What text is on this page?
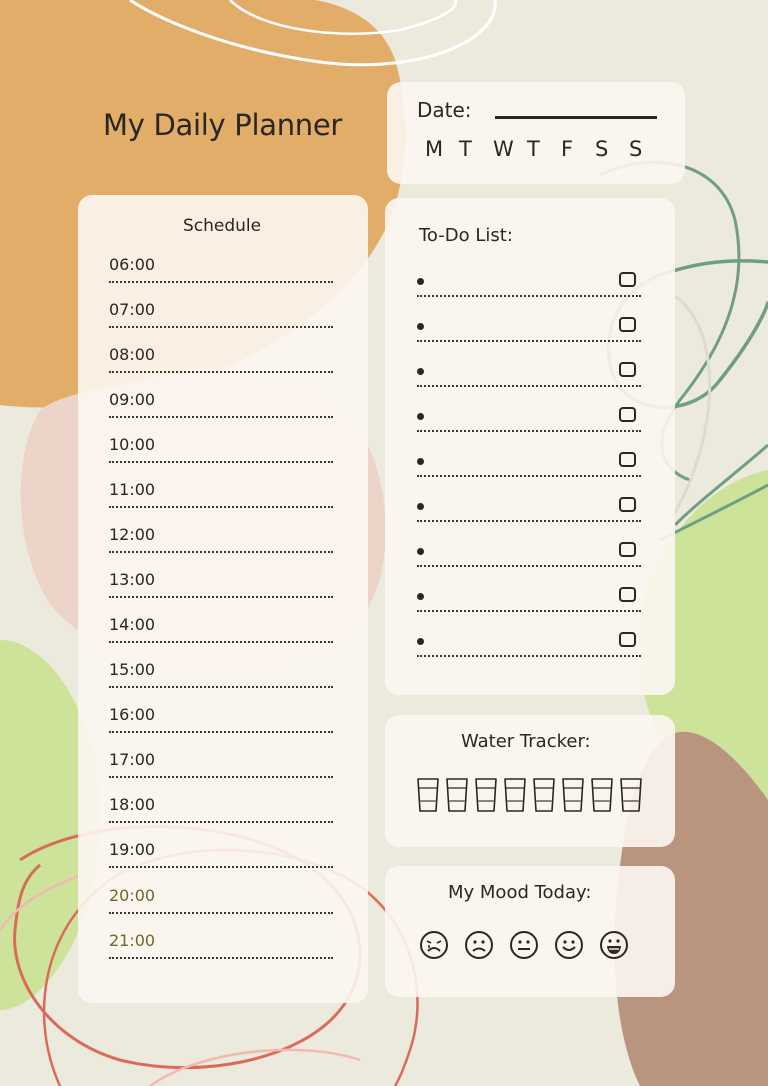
My Daily Planner	Date:
M T	W T	F	S S
Schedule
06:00
07:00
08:00
09:00
10:00
11:00
12:00
13:00
14:00
15:00
16:00
17:00
18:00
19:00
20:00
21:00
To-Do List:
Water Tracker:
My Mood Today:
